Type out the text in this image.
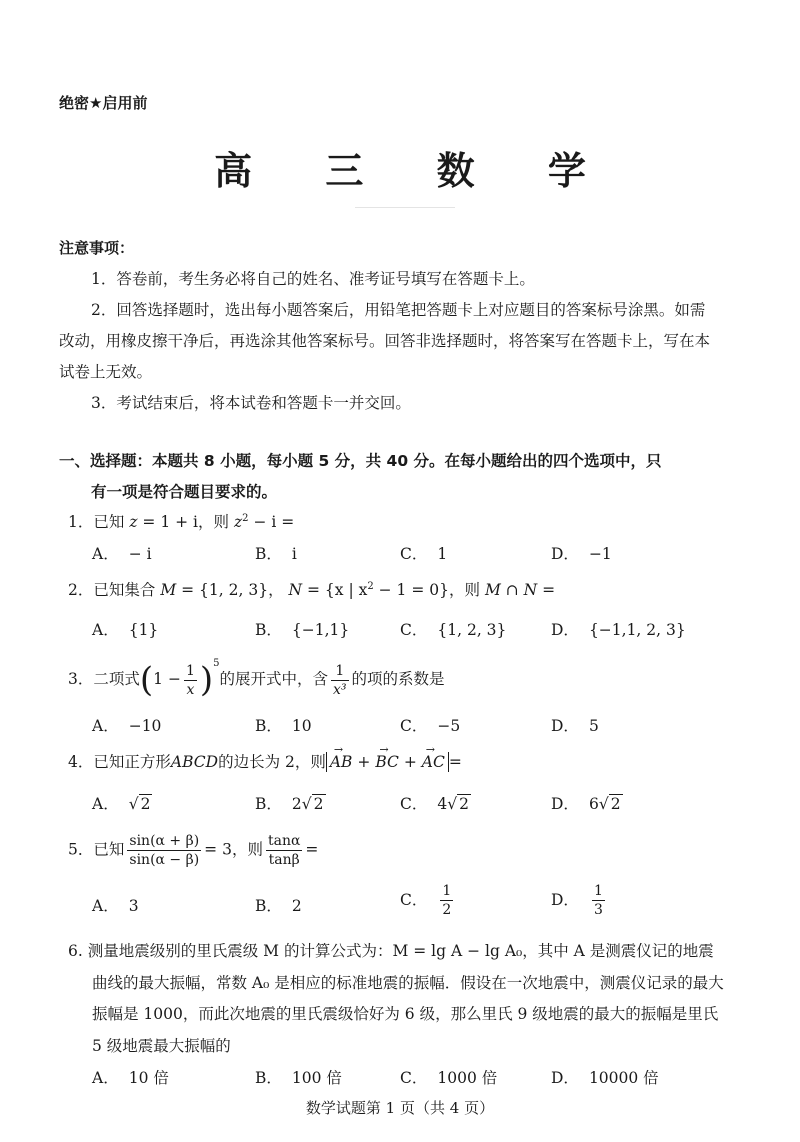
绝密★启用前
高 三 数 学
注意事项：
1．答卷前，考生务必将自己的姓名、准考证号填写在答题卡上。
2．回答选择题时，选出每小题答案后，用铅笔把答题卡上对应题目的答案标号涂黑。如需改动，用橡皮擦干净后，再选涂其他答案标号。回答非选择题时，将答案写在答题卡上，写在本试卷上无效。
3．考试结束后，将本试卷和答题卡一并交回。
一、选择题：本题共 8 小题，每小题 5 分，共 40 分。在每小题给出的四个选项中，只
有一项是符合题目要求的。
1．已知 z = 1 + i，则 $z^2 - i$ =
A． − i	B． i	C． 1	D． −1
2．已知集合 M = {1, 2, 3}， N = {x | $x^2 - 1 = 0$}，则 M ∩ N =
A． {1}	B． {−1,1}	C． {1, 2, 3}	D． {−1,1, 2, 3}
3．二项式$(1 - \frac{1}{x} )^5$的展开式中，含 $\frac{1}{\text{x³}}$ 的项的系数是
A． −10	B． 10	C． −5	D． 5
4．已知正方形ABCD的边长为 2，则 → AB + → BC + → AC =
A． √ 2	B． 2√ 2	C． 4√ 2	D． 6√ 2
5．已知 $\frac{\sin(\alpha + \beta)}{\sin(\alpha - \beta)} = 3$，则 $\frac{\tan\alpha}{\tan\beta}$ =
A． 3	B． 2	C． $\frac{1}{2}$	D． $\frac{1}{3}$
6. 测量地震级别的里氏震级 M 的计算公式为：M = lg A − lg A₀，其中 A 是测震仪记的地震曲线的最大振幅，常数 A₀ 是相应的标准地震的振幅．假设在一次地震中，测震仪记录的最大振幅是 1000，而此次地震的里氏震级恰好为 6 级，那么里氏 9 级地震的最大的振幅是里氏 5 级地震最大振幅的
A． 10 倍	B． 100 倍	C． 1000 倍	D． 10000 倍
数学试题第 1 页（共 4 页）
